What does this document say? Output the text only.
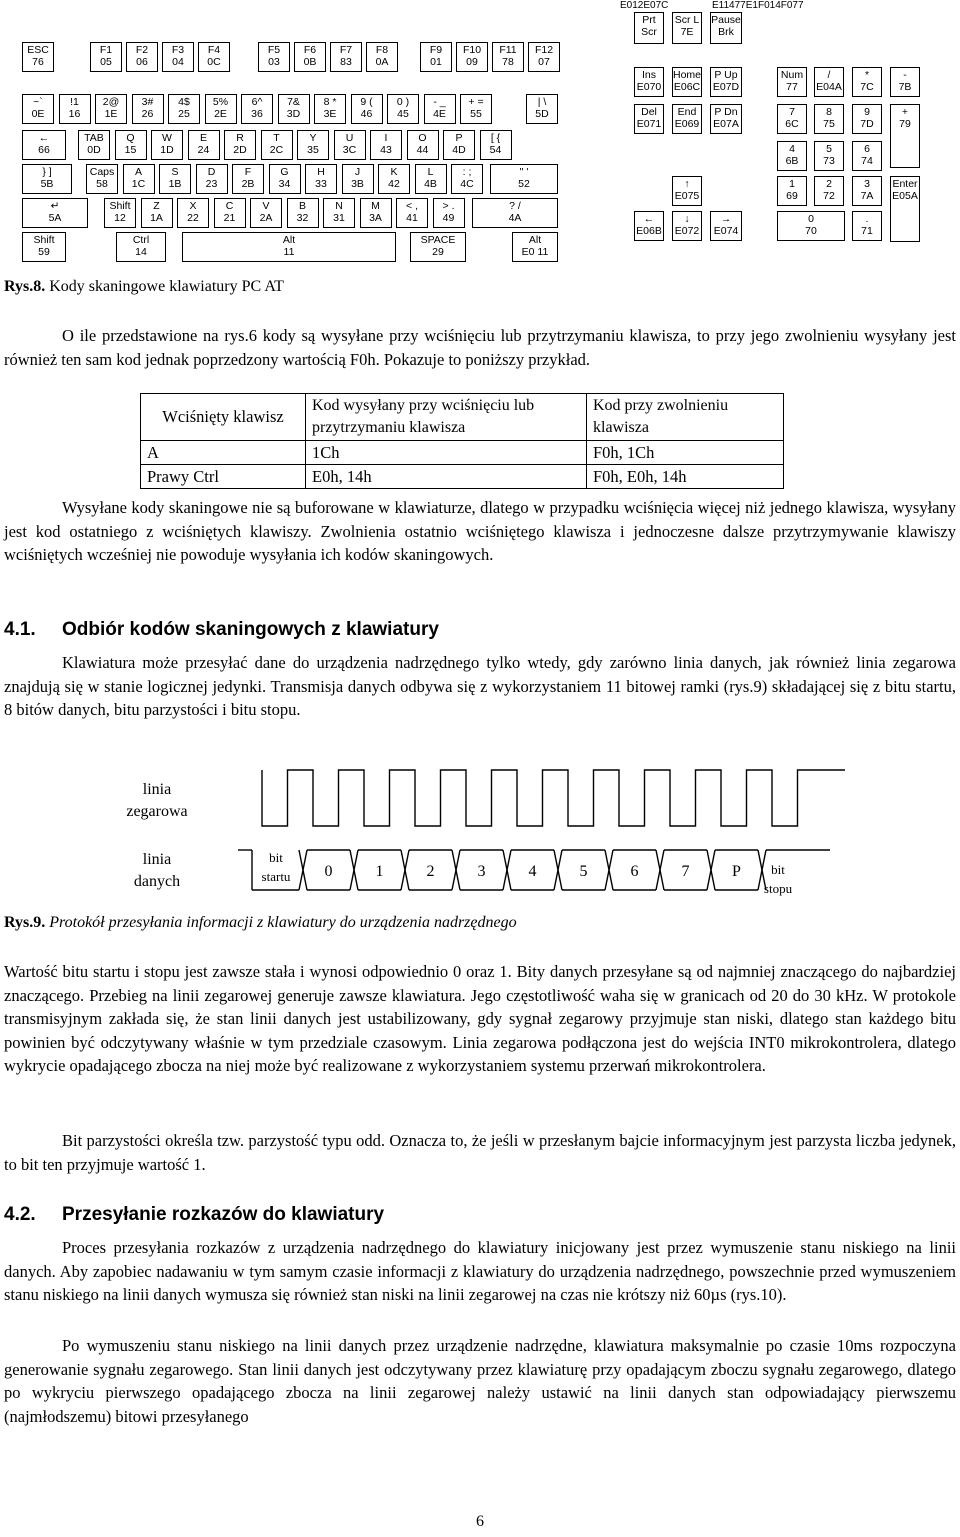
E012E07C	E11477E1F014F077
ESC
76
F1
05
F2
06
F3
04
F4
0C
F5
03
F6
0B
F7
83
F8
0A
F9
01
F10
09
F11
78
F12
07
~`
0E
!1
16
2@
1E
3#
26
4$
25
5%
2E
6^
36
7&
3D
8 *
3E
9 (
46
0 )
45
- _
4E
+ =
55
| \
5D
←
66
TAB
0D
Q
15
W
1D
E
24
R
2D
T
2C
Y
35
U
3C
I
43
O
44
P
4D
[ {
54
} ]
5B
Caps
58
A
1C
S
1B
D
23
F
2B
G
34
H
33
J
3B
K
42
L
4B
: ;
4C
" '
52
↵
5A
Shift
12
Z
1A
X
22
C
21
V
2A
B
32
N
31
M
3A
< ,
41
> .
49
? /
4A
Shift
59
Ctrl
14
Alt
11
SPACE
29
Alt
E0 11
Prt Scr
Scr L
7E
Pause
Brk
Ins
E070
Home
E06C
P Up
E07D
Del
E071
End
E069
P Dn
E07A
↑
E075
←
E06B
↓
E072
→
E074
Num
77
/
E04A
*
7C
-
7B
7
6C
8
75
9
7D
+
79
4
6B
5
73
6
74
1
69
2
72
3
7A
Enter
E05A
0
70
.
71
Rys.8. Kody skaningowe klawiatury PC AT

O ile przedstawione na rys.6 kody są wysyłane przy wciśnięciu lub przytrzymaniu klawisza, to przy jego zwolnieniu wysyłany jest również ten sam kod jednak poprzedzony wartością F0h. Pokazuje to poniższy przykład.

Wciśnięty klawisz	Kod wysyłany przy wciśnięciu lub przytrzymaniu klawisza	Kod przy zwolnieniu klawisza
A	1Ch	F0h, 1Ch
Prawy Ctrl	E0h, 14h	F0h, E0h, 14h

Wysyłane kody skaningowe nie są buforowane w klawiaturze, dlatego w przypadku wciśnięcia więcej niż jednego klawisza, wysyłany jest kod ostatniego z wciśniętych klawiszy. Zwolnienia ostatnio wciśniętego klawisza i jednoczesne dalsze przytrzymywanie klawiszy wciśniętych wcześniej nie powoduje wysyłania ich kodów skaningowych.

4.1. Odbiór kodów skaningowych z klawiatury

Klawiatura może przesyłać dane do urządzenia nadrzędnego tylko wtedy, gdy zarówno linia danych, jak również linia zegarowa znajdują się w stanie logicznej jedynki. Transmisja danych odbywa się z wykorzystaniem 11 bitowej ramki (rys.9) składającej się z bitu startu, 8 bitów danych, bitu parzystości i bitu stopu.

linia
zegarowa
linia
danych
0	1	2	3	4	5	6	7	P
bit
startu	bit
stopu
Rys.9. Protokół przesyłania informacji z klawiatury do urządzenia nadrzędnego

Wartość bitu startu i stopu jest zawsze stała i wynosi odpowiednio 0 oraz 1. Bity danych przesyłane są od najmniej znaczącego do najbardziej znaczącego. Przebieg na linii zegarowej generuje zawsze klawiatura. Jego częstotliwość waha się w granicach od 20 do 30 kHz. W protokole transmisyjnym zakłada się, że stan linii danych jest ustabilizowany, gdy sygnał zegarowy przyjmuje stan niski, dlatego stan każdego bitu powinien być odczytywany właśnie w tym przedziale czasowym. Linia zegarowa podłączona jest do wejścia INT0 mikrokontrolera, dlatego wykrycie opadającego zbocza na niej może być realizowane z wykorzystaniem systemu przerwań mikrokontrolera.

Bit parzystości określa tzw. parzystość typu odd. Oznacza to, że jeśli w przesłanym bajcie informacyjnym jest parzysta liczba jedynek, to bit ten przyjmuje wartość 1.

4.2. Przesyłanie rozkazów do klawiatury

Proces przesyłania rozkazów z urządzenia nadrzędnego do klawiatury inicjowany jest przez wymuszenie stanu niskiego na linii danych. Aby zapobiec nadawaniu w tym samym czasie informacji z klawiatury do urządzenia nadrzędnego, powszechnie przed wymuszeniem stanu niskiego na linii danych wymusza się również stan niski na linii zegarowej na czas nie krótszy niż 60µs (rys.10).

Po wymuszeniu stanu niskiego na linii danych przez urządzenie nadrzędne, klawiatura maksymalnie po czasie 10ms rozpoczyna generowanie sygnału zegarowego. Stan linii danych jest odczytywany przez klawiaturę przy opadającym zboczu sygnału zegarowego, dlatego po wykryciu pierwszego opadającego zbocza na linii zegarowej należy ustawić na linii danych stan odpowiadający pierwszemu (najmłodszemu) bitowi przesyłanego

6
